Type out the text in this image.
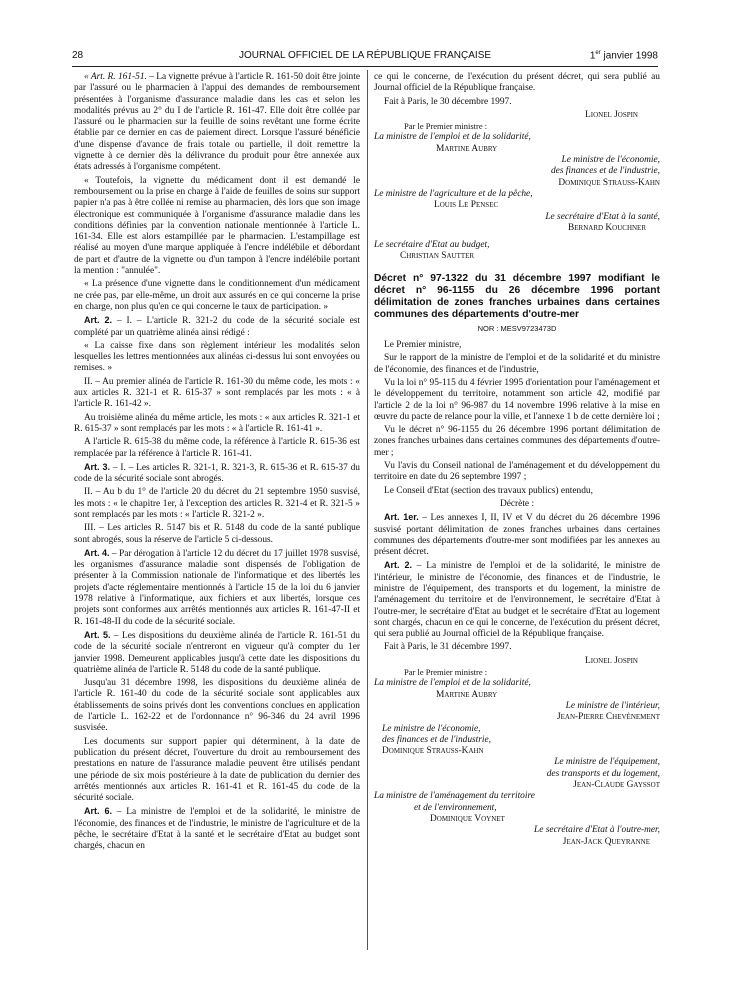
28	JOURNAL OFFICIEL DE LA RÉPUBLIQUE FRANÇAISE	1er janvier 1998

« Art. R. 161-51. – La vignette prévue à l'article R. 161-50 doit être jointe par l'assuré ou le pharmacien à l'appui des demandes de remboursement présentées à l'organisme d'assurance maladie dans les cas et selon les modalités prévus au 2° du I de l'article R. 161-47. Elle doit être collée par l'assuré ou le pharmacien sur la feuille de soins revêtant une forme écrite établie par ce dernier en cas de paiement direct. Lorsque l'assuré bénéficie d'une dispense d'avance de frais totale ou partielle, il doit remettre la vignette à ce dernier dès la délivrance du produit pour être annexée aux états adressés à l'organisme compétent.

« Toutefois, la vignette du médicament dont il est demandé le remboursement ou la prise en charge à l'aide de feuilles de soins sur support papier n'a pas à être collée ni remise au pharmacien, dès lors que son image électronique est communiquée à l'organisme d'assurance maladie dans les conditions définies par la convention nationale mentionnée à l'article L. 161-34. Elle est alors estampillée par le pharmacien. L'estampillage est réalisé au moyen d'une marque appliquée à l'encre indélébile et débordant de part et d'autre de la vignette ou d'un tampon à l'encre indélébile portant la mention : "annulée".

« La présence d'une vignette dans le conditionnement d'un médicament ne crée pas, par elle-même, un droit aux assurés en ce qui concerne la prise en charge, non plus qu'en ce qui concerne le taux de participation. »

Art. 2. – I. – L'article R. 321-2 du code de la sécurité sociale est complété par un quatrième alinéa ainsi rédigé :

« La caisse fixe dans son règlement intérieur les modalités selon lesquelles les lettres mentionnées aux alinéas ci-dessus lui sont envoyées ou remises. »

II. – Au premier alinéa de l'article R. 161-30 du même code, les mots : « aux articles R. 321-1 et R. 615-37 » sont remplacés par les mots : « à l'article R. 161-42 ».

Au troisième alinéa du même article, les mots : « aux articles R. 321-1 et R. 615-37 » sont remplacés par les mots : « à l'article R. 161-41 ».

A l'article R. 615-38 du même code, la référence à l'article R. 615-36 est remplacée par la référence à l'article R. 161-41.

Art. 3. – I. – Les articles R. 321-1, R. 321-3, R. 615-36 et R. 615-37 du code de la sécurité sociale sont abrogés.

II. – Au b du 1° de l'article 20 du décret du 21 septembre 1950 susvisé, les mots : « le chapitre 1er, à l'exception des articles R. 321-4 et R. 321-5 » sont remplacés par les mots : « l'article R. 321-2 ».

III. – Les articles R. 5147 bis et R. 5148 du code de la santé publique sont abrogés, sous la réserve de l'article 5 ci-dessous.

Art. 4. – Par dérogation à l'article 12 du décret du 17 juillet 1978 susvisé, les organismes d'assurance maladie sont dispensés de l'obligation de présenter à la Commission nationale de l'informatique et des libertés les projets d'acte réglementaire mentionnés à l'article 15 de la loi du 6 janvier 1978 relative à l'informatique, aux fichiers et aux libertés, lorsque ces projets sont conformes aux arrêtés mentionnés aux articles R. 161-47-II et R. 161-48-II du code de la sécurité sociale.

Art. 5. – Les dispositions du deuxième alinéa de l'article R. 161-51 du code de la sécurité sociale n'entreront en vigueur qu'à compter du 1er janvier 1998. Demeurent applicables jusqu'à cette date les dispositions du quatrième alinéa de l'article R. 5148 du code de la santé publique.

Jusqu'au 31 décembre 1998, les dispositions du deuxième alinéa de l'article R. 161-40 du code de la sécurité sociale sont applicables aux établissements de soins privés dont les conventions conclues en application de l'article L. 162-22 et de l'ordonnance n° 96-346 du 24 avril 1996 susvisée.

Les documents sur support papier qui déterminent, à la date de publication du présent décret, l'ouverture du droit au remboursement des prestations en nature de l'assurance maladie peuvent être utilisés pendant une période de six mois postérieure à la date de publication du dernier des arrêtés mentionnés aux articles R. 161-41 et R. 161-45 du code de la sécurité sociale.

Art. 6. – La ministre de l'emploi et de la solidarité, le ministre de l'économie, des finances et de l'industrie, le ministre de l'agriculture et de la pêche, le secrétaire d'Etat à la santé et le secrétaire d'Etat au budget sont chargés, chacun en

ce qui le concerne, de l'exécution du présent décret, qui sera publié au Journal officiel de la République française.

Fait à Paris, le 30 décembre 1997.

Lionel Jospin

Par le Premier ministre :

La ministre de l'emploi et de la solidarité,

Martine Aubry

Le ministre de l'économie,

des finances et de l'industrie,

Dominique Strauss-Kahn

Le ministre de l'agriculture et de la pêche,

Louis Le Pensec

Le secrétaire d'Etat à la santé,

Bernard Kouchner

Le secrétaire d'Etat au budget,

Christian Sautter

Décret n° 97-1322 du 31 décembre 1997 modifiant le décret n° 96-1155 du 26 décembre 1996 portant délimitation de zones franches urbaines dans certaines communes des départements d'outre-mer

NOR : MESV9723473D

Le Premier ministre,

Sur le rapport de la ministre de l'emploi et de la solidarité et du ministre de l'économie, des finances et de l'industrie,

Vu la loi n° 95-115 du 4 février 1995 d'orientation pour l'aménagement et le développement du territoire, notamment son article 42, modifié par l'article 2 de la loi n° 96-987 du 14 novembre 1996 relative à la mise en œuvre du pacte de relance pour la ville, et l'annexe 1 b de cette dernière loi ;

Vu le décret n° 96-1155 du 26 décembre 1996 portant délimitation de zones franches urbaines dans certaines communes des départements d'outre-mer ;

Vu l'avis du Conseil national de l'aménagement et du développement du territoire en date du 26 septembre 1997 ;

Le Conseil d'Etat (section des travaux publics) entendu,

Décrète :

Art. 1er. – Les annexes I, II, IV et V du décret du 26 décembre 1996 susvisé portant délimitation de zones franches urbaines dans certaines communes des départements d'outre-mer sont modifiées par les annexes au présent décret.

Art. 2. – La ministre de l'emploi et de la solidarité, le ministre de l'intérieur, le ministre de l'économie, des finances et de l'industrie, le ministre de l'équipement, des transports et du logement, la ministre de l'aménagement du territoire et de l'environnement, le secrétaire d'Etat à l'outre-mer, le secrétaire d'Etat au budget et le secrétaire d'Etat au logement sont chargés, chacun en ce qui le concerne, de l'exécution du présent décret, qui sera publié au Journal officiel de la République française.

Fait à Paris, le 31 décembre 1997.

Lionel Jospin

Par le Premier ministre :

La ministre de l'emploi et de la solidarité,

Martine Aubry

Le ministre de l'intérieur,

Jean-Pierre Chevènement

Le ministre de l'économie,

des finances et de l'industrie,

Dominique Strauss-Kahn

Le ministre de l'équipement,

des transports et du logement,

Jean-Claude Gayssot

La ministre de l'aménagement du territoire

et de l'environnement,

Dominique Voynet

Le secrétaire d'Etat à l'outre-mer,

Jean-Jack Queyranne
